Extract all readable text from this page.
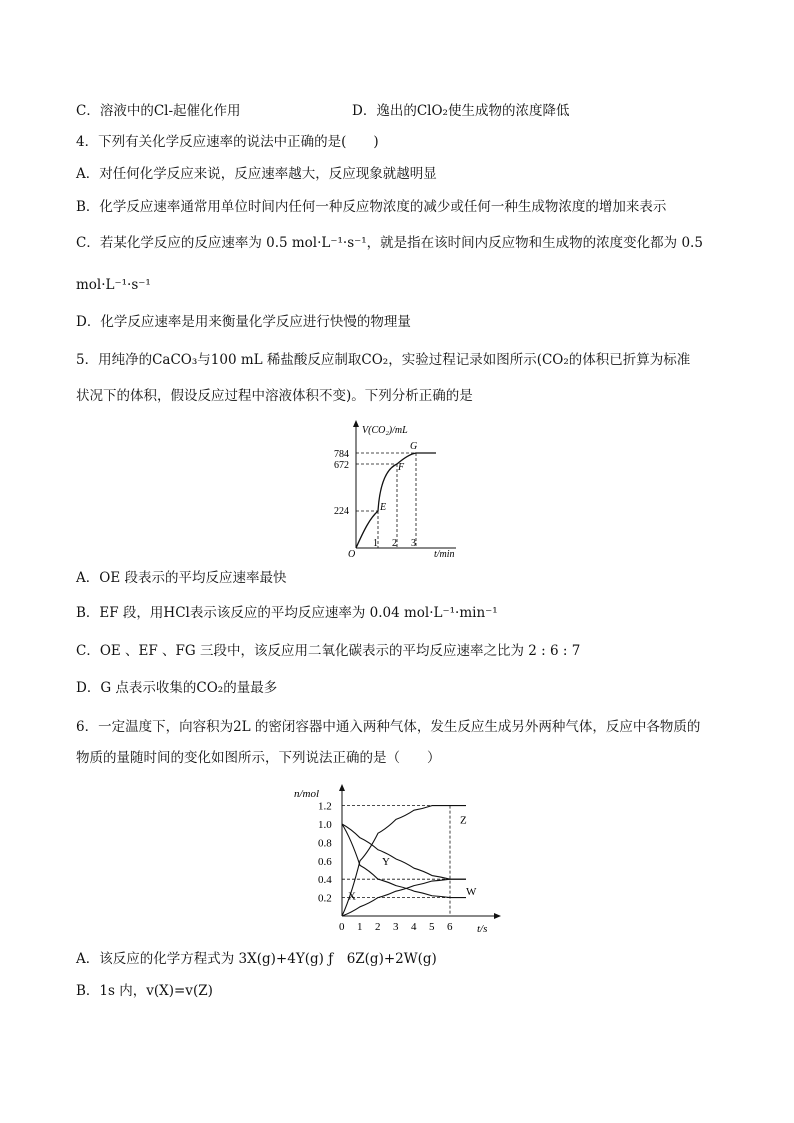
C．溶液中的Cl-起催化作用	D．逸出的ClO₂使生成物的浓度降低
4．下列有关化学反应速率的说法中正确的是(　　)
A．对任何化学反应来说，反应速率越大，反应现象就越明显
B．化学反应速率通常用单位时间内任何一种反应物浓度的减少或任何一种生成物浓度的增加来表示
C．若某化学反应的反应速率为 0.5 mol·L⁻¹·s⁻¹，就是指在该时间内反应物和生成物的浓度变化都为 0.5
mol·L⁻¹·s⁻¹
D．化学反应速率是用来衡量化学反应进行快慢的物理量
5．用纯净的CaCO₃与100 mL 稀盐酸反应制取CO₂，实验过程记录如图所示(CO₂的体积已折算为标准
状况下的体积，假设反应过程中溶液体积不变)。下列分析正确的是
V(CO₂)/mL
t/min
O
784
672
224
1 2 3
E
F
G
A．OE 段表示的平均反应速率最快
B．EF 段，用HCl表示该反应的平均反应速率为 0.04 mol·L⁻¹·min⁻¹
C．OE 、EF 、FG 三段中，该反应用二氧化碳表示的平均反应速率之比为 2 : 6 : 7
D．G 点表示收集的CO₂的量最多
6．一定温度下，向容积为2L 的密闭容器中通入两种气体，发生反应生成另外两种气体，反应中各物质的
物质的量随时间的变化如图所示，下列说法正确的是（　　）
n/mol
t/s
0.2
0.4
0.6
0.8
1.0
1.2
0 1 2 3 4 5 6
X
Y
Z
W
A．该反应的化学方程式为 3X(g)+4Y(g) ƒ　6Z(g)+2W(g)
B．1s 内，v(X)=v(Z)
